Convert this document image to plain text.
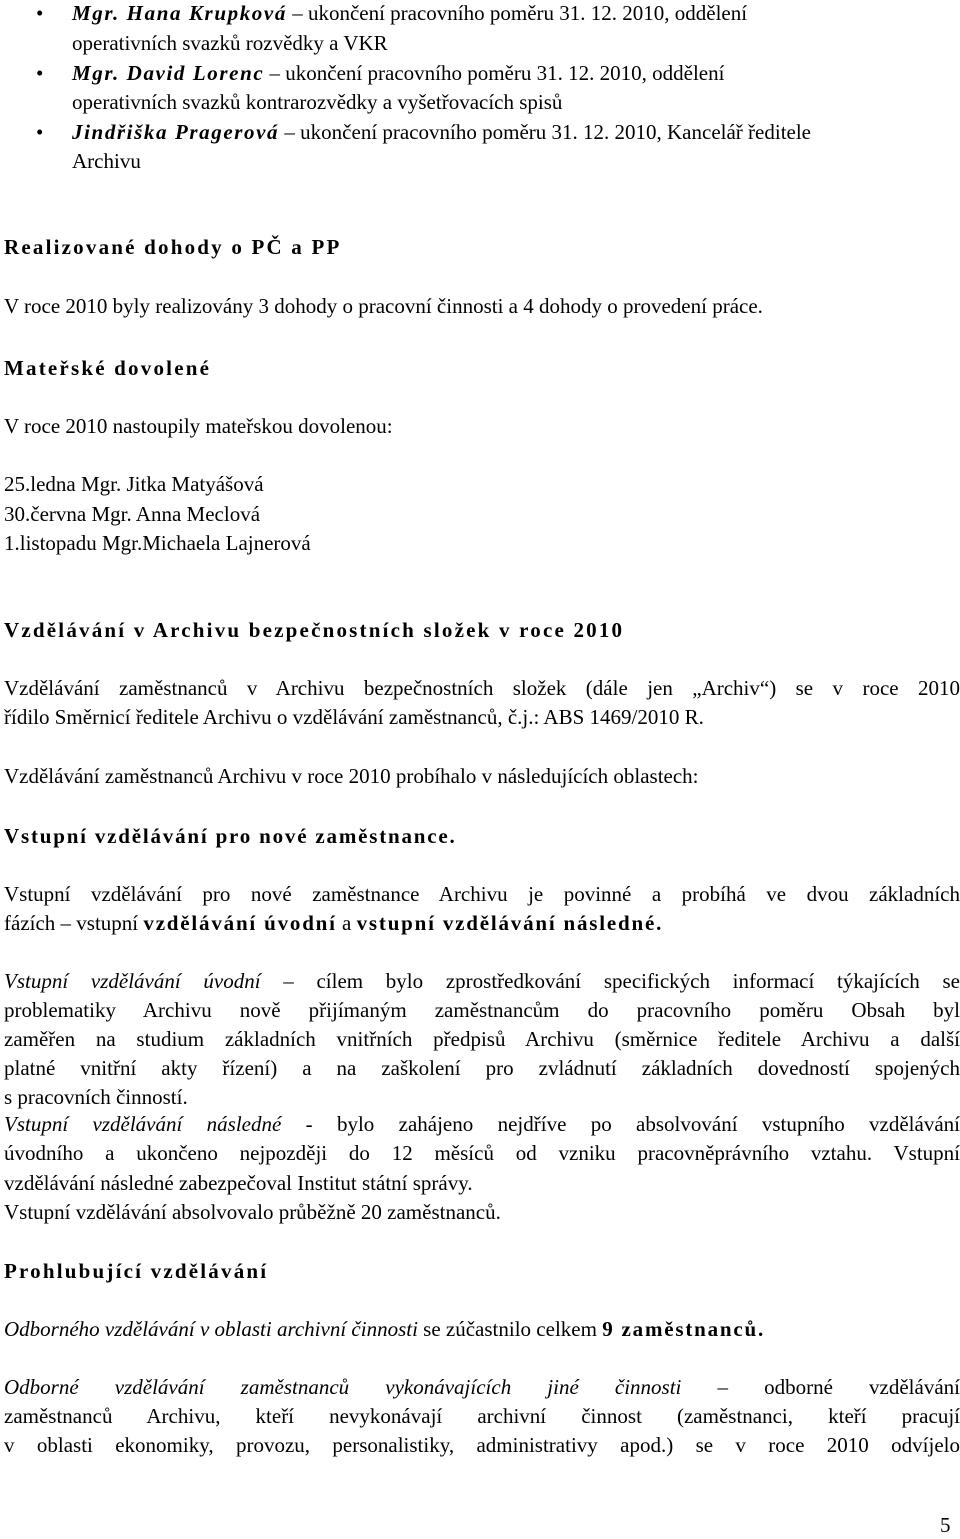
• Mgr. Hana Krupková – ukončení pracovního poměru 31. 12. 2010, oddělení
operativních svazků rozvědky a VKR
• Mgr. David Lorenc – ukončení pracovního poměru 31. 12. 2010, oddělení
operativních svazků kontrarozvědky a vyšetřovacích spisů
• Jindřiška Pragerová – ukončení pracovního poměru 31. 12. 2010, Kancelář ředitele
Archivu
Realizované dohody o PČ a PP
V roce 2010 byly realizovány 3 dohody o pracovní činnosti a 4 dohody o provedení práce.
Mateřské dovolené
V roce 2010 nastoupily mateřskou dovolenou:
25.ledna Mgr. Jitka Matyášová
30.června Mgr. Anna Meclová
1.listopadu Mgr.Michaela Lajnerová
Vzdělávání v Archivu bezpečnostních složek v roce 2010
Vzdělávání zaměstnanců v Archivu bezpečnostních složek (dále jen „Archiv“) se v roce 2010
řídilo Směrnicí ředitele Archivu o vzdělávání zaměstnanců, č.j.: ABS 1469/2010 R.
Vzdělávání zaměstnanců Archivu v roce 2010 probíhalo v následujících oblastech:
Vstupní vzdělávání pro nové zaměstnance.
Vstupní vzdělávání pro nové zaměstnance Archivu je povinné a probíhá ve dvou základních
fázích – vstupní vzdělávání úvodní a vstupní vzdělávání následné.
Vstupní vzdělávání úvodní – cílem bylo zprostředkování specifických informací týkajících se
problematiky Archivu nově přijímaným zaměstnancům do pracovního poměru Obsah byl
zaměřen na studium základních vnitřních předpisů Archivu (směrnice ředitele Archivu a další
platné vnitřní akty řízení) a na zaškolení pro zvládnutí základních dovedností spojených
s pracovních činností.
Vstupní vzdělávání následné - bylo zahájeno nejdříve po absolvování vstupního vzdělávání
úvodního a ukončeno nejpozději do 12 měsíců od vzniku pracovněprávního vztahu. Vstupní
vzdělávání následné zabezpečoval Institut státní správy.
Vstupní vzdělávání absolvovalo průběžně 20 zaměstnanců.
Prohlubující vzdělávání
Odborného vzdělávání v oblasti archivní činnosti se zúčastnilo celkem 9 zaměstnanců.
Odborné vzdělávání zaměstnanců vykonávajících jiné činnosti – odborné vzdělávání
zaměstnanců Archivu, kteří nevykonávají archivní činnost (zaměstnanci, kteří pracují
v oblasti ekonomiky, provozu, personalistiky, administrativy apod.) se v roce 2010 odvíjelo
5
